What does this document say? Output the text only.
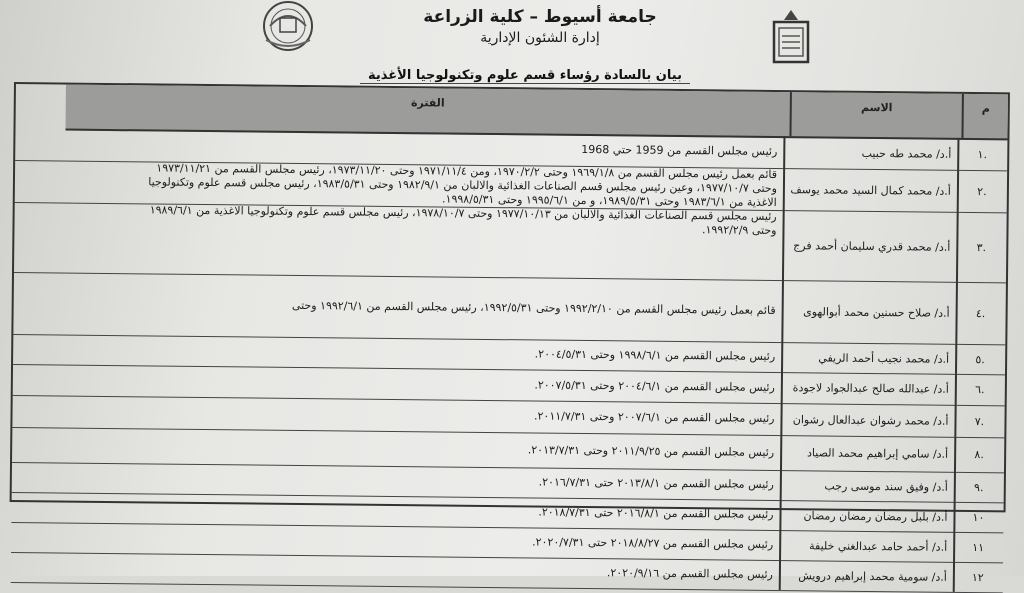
جامعة أسيوط – كلية الزراعة
إدارة الشئون الإدارية
بيان بالسادة رؤساء قسم علوم وتكنولوجيا الأغذية
الفترة	الاسم	م
رئيس مجلس القسم من 1959 حتي 1968	أ.د/ محمد طه حبيب	١.
قائم بعمل رئيس مجلس القسم من ١٩٦٩/١/٨ وحتى ١٩٧٠/٢/٢، ومن ١٩٧١/١١/٤ وحتى ١٩٧٣/١١/٢٠، رئيس مجلس القسم من ١٩٧٣/١١/٢١
وحتى ١٩٧٧/١٠/٧، وعين رئيس مجلس قسم الصناعات الغذائية والالبان من ١٩٨٢/٩/١ وحتى ١٩٨٣/٥/٣١، رئيس مجلس قسم علوم وتكنولوجيا
الاغذية من ١٩٨٣/٦/١ وحتى ١٩٨٩/٥/٣١، و من ١٩٩٥/٦/١ وحتى ١٩٩٨/٥/٣١.
أ.د/ محمد كمال السيد محمد يوسف	٢.
رئيس مجلس قسم الصناعات الغذائية والالبان من ١٩٧٧/١٠/١٣ وحتى ١٩٧٨/١٠/٧، رئيس مجلس قسم علوم وتكنولوجيا الاغذية من ١٩٨٩/٦/١
وحتى ١٩٩٢/٢/٩.
أ.د/ محمد قدري سليمان أحمد فرج	٣.
قائم بعمل رئيس مجلس القسم من ١٩٩٢/٢/١٠ وحتى ١٩٩٢/٥/٣١، رئيس مجلس القسم من ١٩٩٢/٦/١ وحتى	أ.د/ صلاح حسنين محمد أبوالهوى	٤.
رئيس مجلس القسم من ١٩٩٨/٦/١ وحتى ٢٠٠٤/٥/٣١.	أ.د/ محمد نجيب أحمد الريفي	٥.
رئيس مجلس القسم من ٢٠٠٤/٦/١ وحتى ٢٠٠٧/٥/٣١.	أ.د/ عبدالله صالح عبدالجواد لاجودة	٦.
رئيس مجلس القسم من ٢٠٠٧/٦/١ وحتى ٢٠١١/٧/٣١.	أ.د/ محمد رشوان عبدالعال رشوان	٧.
رئيس مجلس القسم من ٢٠١١/٩/٢٥ وحتى ٢٠١٣/٧/٣١.	أ.د/ سامي إبراهيم محمد الصياد	٨.
رئيس مجلس القسم من ٢٠١٣/٨/١ حتى ٢٠١٦/٧/٣١.	أ.د/ وفيق سند موسى رجب	٩.
رئيس مجلس القسم من ٢٠١٦/٨/١ حتى ٢٠١٨/٧/٣١.	أ.د/ بلبل رمضان رمضان رمضان	١٠
رئيس مجلس القسم من ٢٠١٨/٨/٢٧ حتى ٢٠٢٠/٧/٣١.	أ.د/ أحمد حامد عبدالغني خليفة	١١
رئيس مجلس القسم من ٢٠٢٠/٩/١٦.	أ.د/ سومية محمد إبراهيم درويش	١٢
